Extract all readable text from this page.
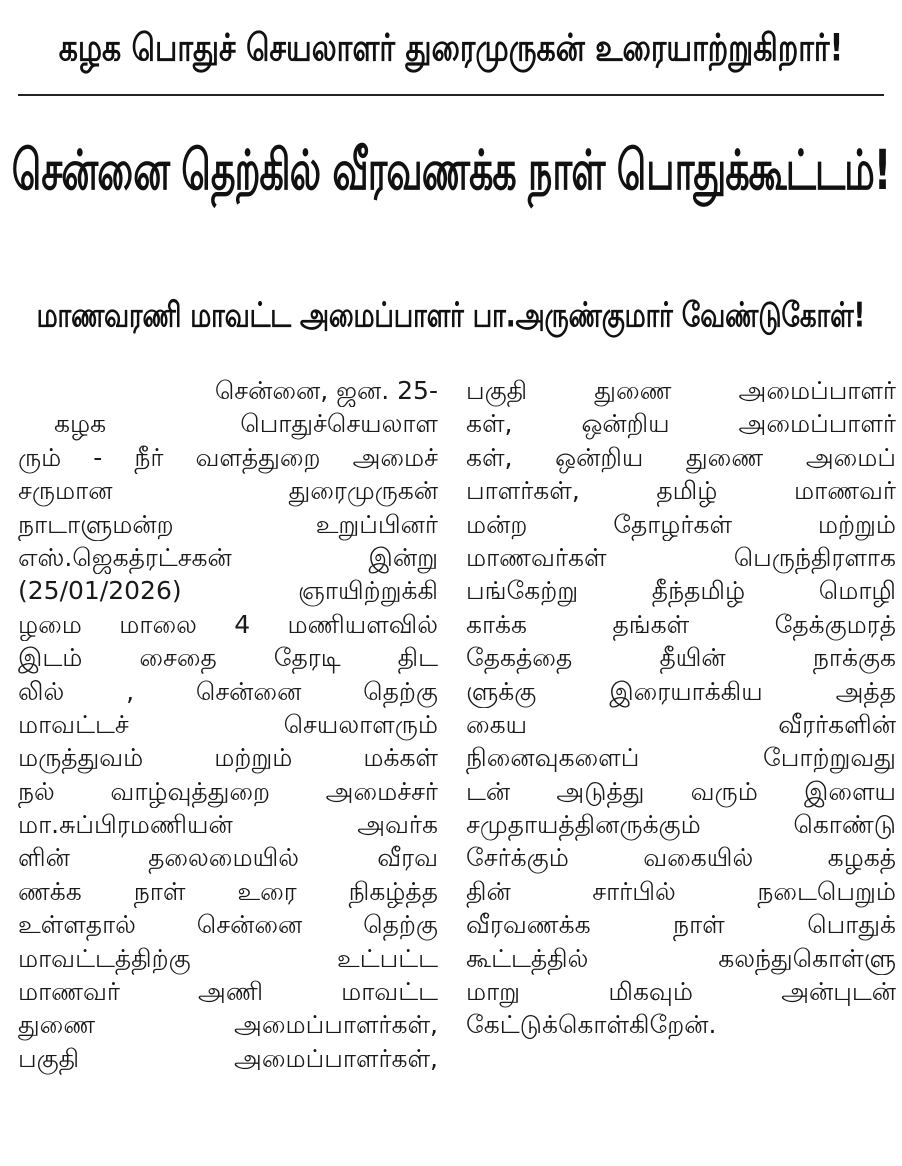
கழக பொதுச் செயலாளர் துரைமுருகன் உரையாற்றுகிறார்!
சென்னை தெற்கில் வீரவணக்க நாள் பொதுக்கூட்டம்!
மாணவரணி மாவட்ட அமைப்பாளர் பா.அருண்குமார் வேண்டுகோள்!
சென்னை, ஜன. 25-
கழக பொதுச்செயலாள
ரும் - நீர் வளத்துறை அமைச்
சருமான துரைமுருகன்
நாடாளுமன்ற உறுப்பினர்
எஸ்.ஜெகத்ரட்சகன் இன்று
(25/01/2026) ஞாயிற்றுக்கி
ழமை மாலை 4 மணியளவில்
இடம் சைதை தேரடி திட
லில் , சென்னை தெற்கு
மாவட்டச் செயலாளரும்
மருத்துவம் மற்றும் மக்கள்
நல் வாழ்வுத்துறை அமைச்சர்
மா.சுப்பிரமணியன் அவர்க
ளின் தலைமையில் வீரவ
ணக்க நாள் உரை நிகழ்த்த
உள்ளதால் சென்னை தெற்கு
மாவட்டத்திற்கு உட்பட்ட
மாணவர் அணி மாவட்ட
துணை அமைப்பாளர்கள்,
பகுதி அமைப்பாளர்கள்,
பகுதி துணை அமைப்பாளர்
கள், ஒன்றிய அமைப்பாளர்
கள், ஒன்றிய துணை அமைப்
பாளர்கள், தமிழ் மாணவர்
மன்ற தோழர்கள் மற்றும்
மாணவர்கள் பெருந்திரளாக
பங்கேற்று தீந்தமிழ் மொழி
காக்க தங்கள் தேக்குமரத்
தேகத்தை தீயின் நாக்குக
ளுக்கு இரையாக்கிய அத்த
கைய வீரர்களின்
நினைவுகளைப் போற்றுவது
டன் அடுத்து வரும் இளைய
சமுதாயத்தினருக்கும் கொண்டு
சேர்க்கும் வகையில் கழகத்
தின் சார்பில் நடைபெறும்
வீரவணக்க நாள் பொதுக்
கூட்டத்தில் கலந்துகொள்ளு
மாறு மிகவும் அன்புடன்
கேட்டுக்கொள்கிறேன்.
